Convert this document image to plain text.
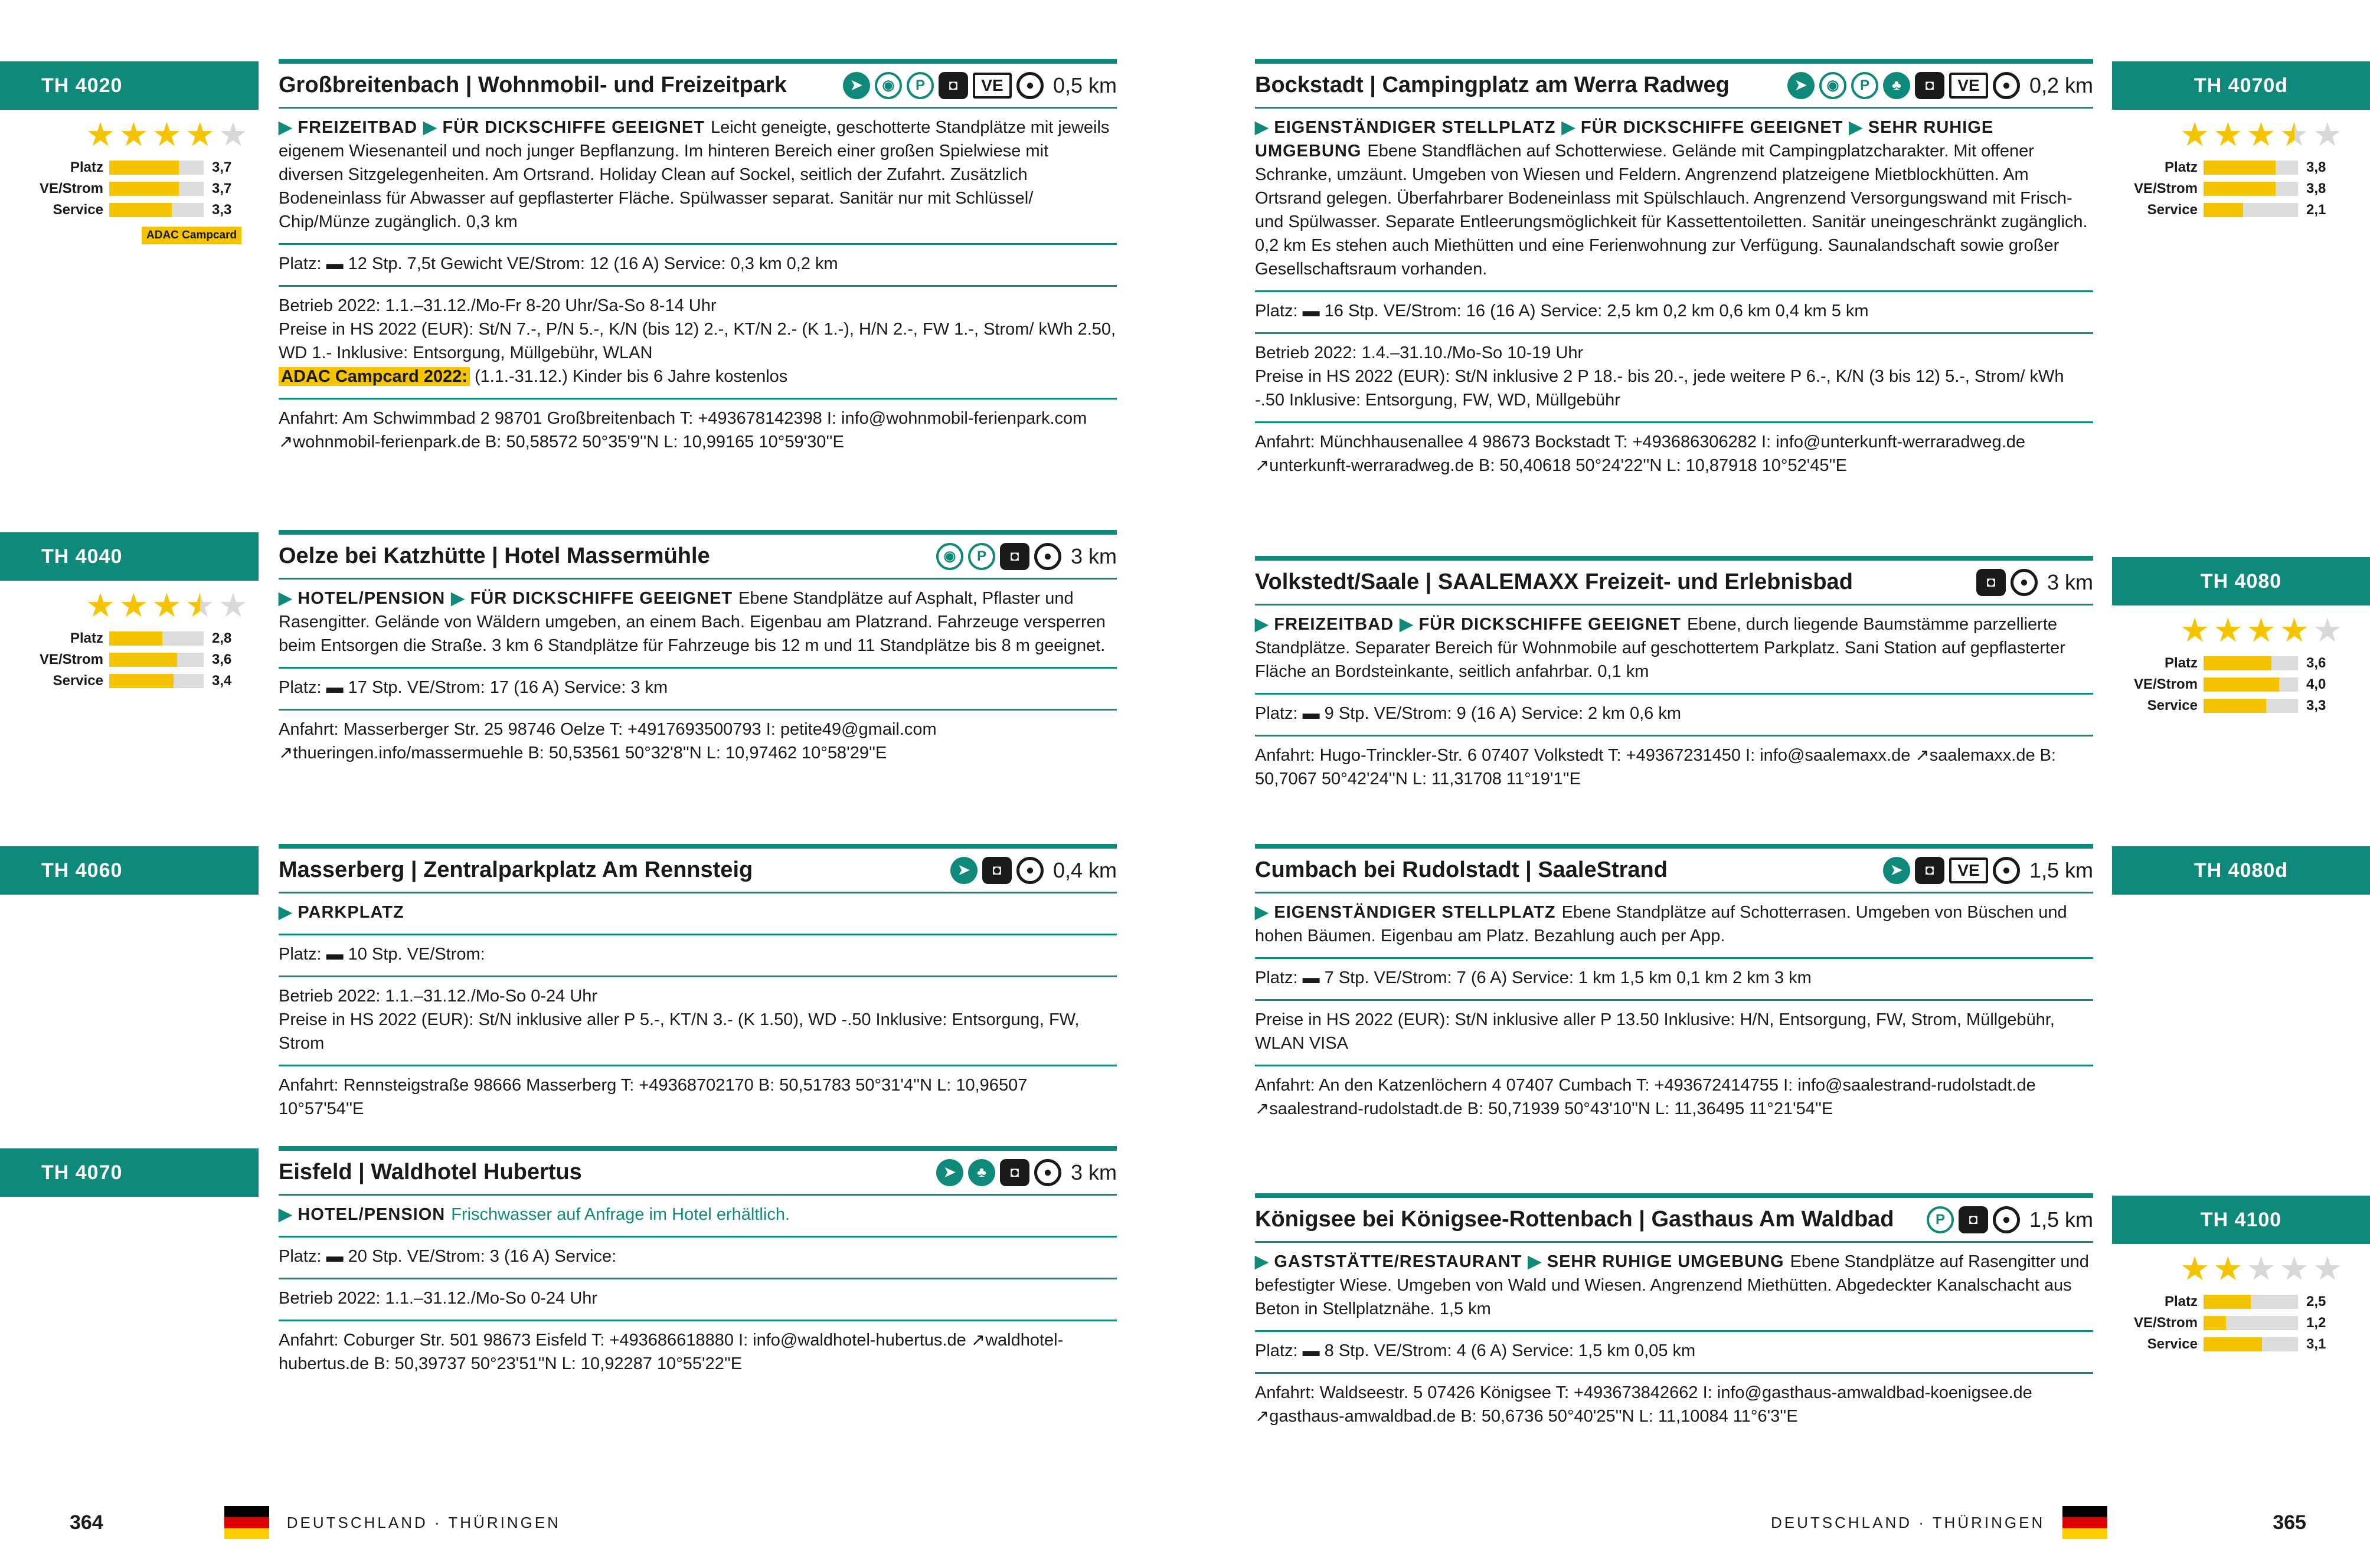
TH 4020
★ ★ ★ ★ ★
Platz	3,7
VE/Strom	3,7
Service	3,3
ADAC Campcard
Großbreitenbach | Wohnmobil- und Freizeitpark	➤	◉	P	◘	VE	● 0,5 km
▶ FREIZEITBAD ▶ FÜR DICKSCHIFFE GEEIGNET Leicht geneigte, geschotterte Standplätze mit jeweils eigenem Wiesenanteil und noch junger Bepflanzung. Im hinteren Bereich einer großen Spielwiese mit diversen Sitzgelegenheiten. Am Ortsrand. Holiday Clean auf Sockel, seitlich der Zufahrt. Zusätzlich Bodeneinlass für Abwasser auf gepflasterter Fläche. Spülwasser separat. Sanitär nur mit Schlüssel/ Chip/Münze zugänglich. 0,3 km
Platz: ▬ 12 Stp. 7,5t Gewicht VE/Strom: 12 (16 A) Service: 0,3 km 0,2 km
Betrieb 2022: 1.1.–31.12./Mo-Fr 8-20 Uhr/Sa-So 8-14 Uhr
Preise in HS 2022 (EUR): St/N 7.-, P/N 5.-, K/N (bis 12) 2.-, KT/N 2.- (K 1.-), H/N 2.-, FW 1.-, Strom/ kWh 2.50, WD 1.- Inklusive: Entsorgung, Müllgebühr, WLAN
ADAC Campcard 2022: (1.1.-31.12.) Kinder bis 6 Jahre kostenlos
Anfahrt: Am Schwimmbad 2 98701 Großbreitenbach T: +493678142398 I: info@wohnmobil-ferienpark.com ↗wohnmobil-ferienpark.de B: 50,58572 50°35'9''N L: 10,99165 10°59'30''E
TH 4040
★ ★ ★ ★ ★
Platz	2,8
VE/Strom	3,6
Service	3,4
Oelze bei Katzhütte | Hotel Massermühle	◉	P	◘	● 3 km
▶ HOTEL/PENSION ▶ FÜR DICKSCHIFFE GEEIGNET Ebene Standplätze auf Asphalt, Pflaster und Rasengitter. Gelände von Wäldern umgeben, an einem Bach. Eigenbau am Platzrand. Fahrzeuge versperren beim Entsorgen die Straße. 3 km 6 Standplätze für Fahrzeuge bis 12 m und 11 Standplätze bis 8 m geeignet.
Platz: ▬ 17 Stp. VE/Strom: 17 (16 A) Service: 3 km
Anfahrt: Masserberger Str. 25 98746 Oelze T: +4917693500793 I: petite49@gmail.com ↗thueringen.info/massermuehle B: 50,53561 50°32'8''N L: 10,97462 10°58'29''E
TH 4060	Masserberg | Zentralparkplatz Am Rennsteig	➤	◘	● 0,4 km
▶ PARKPLATZ
Platz: ▬ 10 Stp. VE/Strom:
Betrieb 2022: 1.1.–31.12./Mo-So 0-24 Uhr
Preise in HS 2022 (EUR): St/N inklusive aller P 5.-, KT/N 3.- (K 1.50), WD -.50 Inklusive: Entsorgung, FW, Strom
Anfahrt: Rennsteigstraße 98666 Masserberg T: +49368702170 B: 50,51783 50°31'4''N L: 10,96507 10°57'54''E
TH 4070	Eisfeld | Waldhotel Hubertus	➤	♣	◘	● 3 km
▶ HOTEL/PENSION Frischwasser auf Anfrage im Hotel erhältlich.
Platz: ▬ 20 Stp. VE/Strom: 3 (16 A) Service:
Betrieb 2022: 1.1.–31.12./Mo-So 0-24 Uhr
Anfahrt: Coburger Str. 501 98673 Eisfeld T: +493686618880 I: info@waldhotel-hubertus.de ↗waldhotel-hubertus.de B: 50,39737 50°23'51''N L: 10,92287 10°55'22''E
364	DEUTSCHLAND · THÜRINGEN
TH 4070d
★ ★ ★ ★ ★
Platz	3,8
VE/Strom	3,8
Service	2,1
Bockstadt | Campingplatz am Werra Radweg	➤	◉	P	♣	◘	VE	● 0,2 km
▶ EIGENSTÄNDIGER STELLPLATZ ▶ FÜR DICKSCHIFFE GEEIGNET ▶ SEHR RUHIGE UMGEBUNG Ebene Standflächen auf Schotterwiese. Gelände mit Campingplatzcharakter. Mit offener Schranke, umzäunt. Umgeben von Wiesen und Feldern. Angrenzend platzeigene Mietblockhütten. Am Ortsrand gelegen. Überfahrbarer Bodeneinlass mit Spülschlauch. Angrenzend Versorgungswand mit Frisch- und Spülwasser. Separate Entleerungsmöglichkeit für Kassettentoiletten. Sanitär uneingeschränkt zugänglich. 0,2 km Es stehen auch Miethütten und eine Ferienwohnung zur Verfügung. Saunalandschaft sowie großer Gesellschaftsraum vorhanden.
Platz: ▬ 16 Stp. VE/Strom: 16 (16 A) Service: 2,5 km 0,2 km 0,6 km 0,4 km 5 km
Betrieb 2022: 1.4.–31.10./Mo-So 10-19 Uhr
Preise in HS 2022 (EUR): St/N inklusive 2 P 18.- bis 20.-, jede weitere P 6.-, K/N (3 bis 12) 5.-, Strom/ kWh -.50 Inklusive: Entsorgung, FW, WD, Müllgebühr
Anfahrt: Münchhausenallee 4 98673 Bockstadt T: +493686306282 I: info@unterkunft-werraradweg.de ↗unterkunft-werraradweg.de B: 50,40618 50°24'22''N L: 10,87918 10°52'45''E
TH 4080
★ ★ ★ ★ ★
Platz	3,6
VE/Strom	4,0
Service	3,3
Volkstedt/Saale | SAALEMAXX Freizeit- und Erlebnisbad	◘	● 3 km
▶ FREIZEITBAD ▶ FÜR DICKSCHIFFE GEEIGNET Ebene, durch liegende Baumstämme parzellierte Standplätze. Separater Bereich für Wohnmobile auf geschottertem Parkplatz. Sani Station auf gepflasterter Fläche an Bordsteinkante, seitlich anfahrbar. 0,1 km
Platz: ▬ 9 Stp. VE/Strom: 9 (16 A) Service: 2 km 0,6 km
Anfahrt: Hugo-Trinckler-Str. 6 07407 Volkstedt T: +49367231450 I: info@saalemaxx.de ↗saalemaxx.de B: 50,7067 50°42'24''N L: 11,31708 11°19'1''E
TH 4080d
Cumbach bei Rudolstadt | SaaleStrand	➤	◘	VE	● 1,5 km
▶ EIGENSTÄNDIGER STELLPLATZ Ebene Standplätze auf Schotterrasen. Umgeben von Büschen und hohen Bäumen. Eigenbau am Platz. Bezahlung auch per App.
Platz: ▬ 7 Stp. VE/Strom: 7 (6 A) Service: 1 km 1,5 km 0,1 km 2 km 3 km
Preise in HS 2022 (EUR): St/N inklusive aller P 13.50 Inklusive: H/N, Entsorgung, FW, Strom, Müllgebühr, WLAN VISA
Anfahrt: An den Katzenlöchern 4 07407 Cumbach T: +493672414755 I: info@saalestrand-rudolstadt.de ↗saalestrand-rudolstadt.de B: 50,71939 50°43'10''N L: 11,36495 11°21'54''E
TH 4100
★ ★ ★ ★ ★
Platz	2,5
VE/Strom	1,2
Service	3,1
Königsee bei Königsee-Rottenbach | Gasthaus Am Waldbad	P	◘	● 1,5 km
▶ GASTSTÄTTE/RESTAURANT ▶ SEHR RUHIGE UMGEBUNG Ebene Standplätze auf Rasengitter und befestigter Wiese. Umgeben von Wald und Wiesen. Angrenzend Miethütten. Abgedeckter Kanalschacht aus Beton in Stellplatznähe. 1,5 km
Platz: ▬ 8 Stp. VE/Strom: 4 (6 A) Service: 1,5 km 0,05 km
Anfahrt: Waldseestr. 5 07426 Königsee T: +493673842662 I: info@gasthaus-amwaldbad-koenigsee.de ↗gasthaus-amwaldbad.de B: 50,6736 50°40'25''N L: 11,10084 11°6'3''E
DEUTSCHLAND · THÜRINGEN	365
